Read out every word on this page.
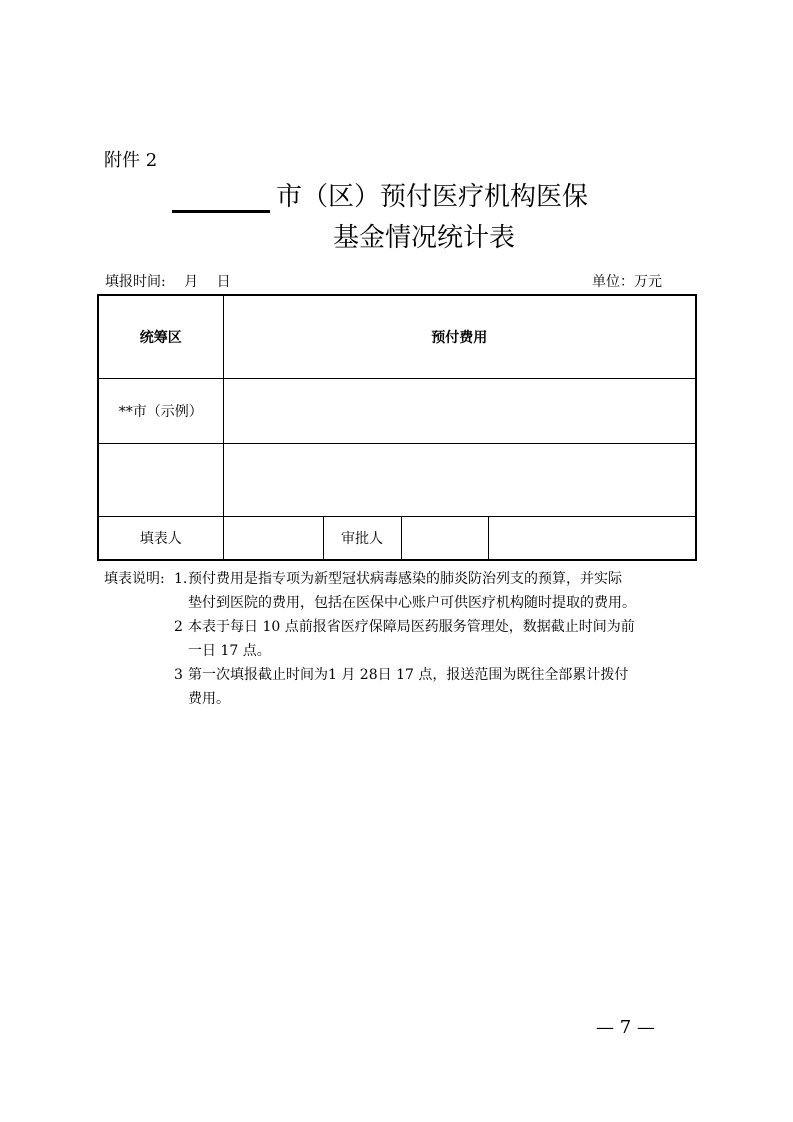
附件 2
市（区）预付医疗机构医保
基金情况统计表
填报时间: 月 日	单位：万元
统筹区	预付费用			
**市（示例）				

填表人		审批人		
填表说明: 1. 预付费用是指专项为新型冠状病毒感染的肺炎防治列支的预算，并实际
垫付到医院的费用，包括在医保中心账户可供医疗机构随时提取的费用。
2 本表于每日 10 点前报省医疗保障局医药服务管理处，数据截止时间为前
一日 17 点。
3 第一次填报截止时间为1 月 28日 17 点，报送范围为既往全部累计拨付
费用。
— 7 —
